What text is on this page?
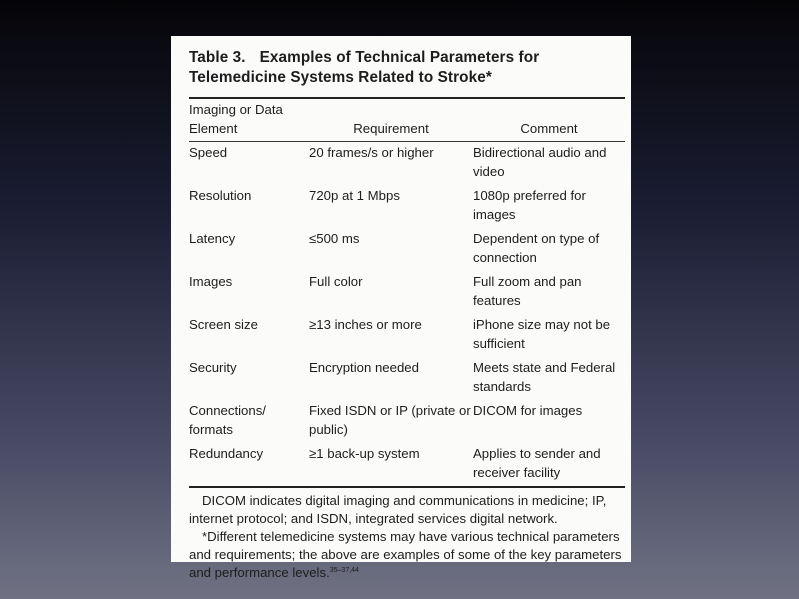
Table 3. Examples of Technical Parameters for Telemedicine Systems Related to Stroke*
Imaging or Data Element	Requirement	Comment

Speed	20 frames/s or higher	Bidirectional audio and video
Resolution	720p at 1 Mbps	1080p preferred for images
Latency	≤500 ms	Dependent on type of connection
Images	Full color	Full zoom and pan features
Screen size	≥13 inches or more	iPhone size may not be sufficient
Security	Encryption needed	Meets state and Federal standards
Connections/ formats	Fixed ISDN or IP (private or public)	DICOM for images
Redundancy	≥1 back-up system	Applies to sender and receiver facility

DICOM indicates digital imaging and communications in medicine; IP, internet protocol; and ISDN, integrated services digital network.

*Different telemedicine systems may have various technical parameters and requirements; the above are examples of some of the key parameters and performance levels.$^{35-37,44}$
